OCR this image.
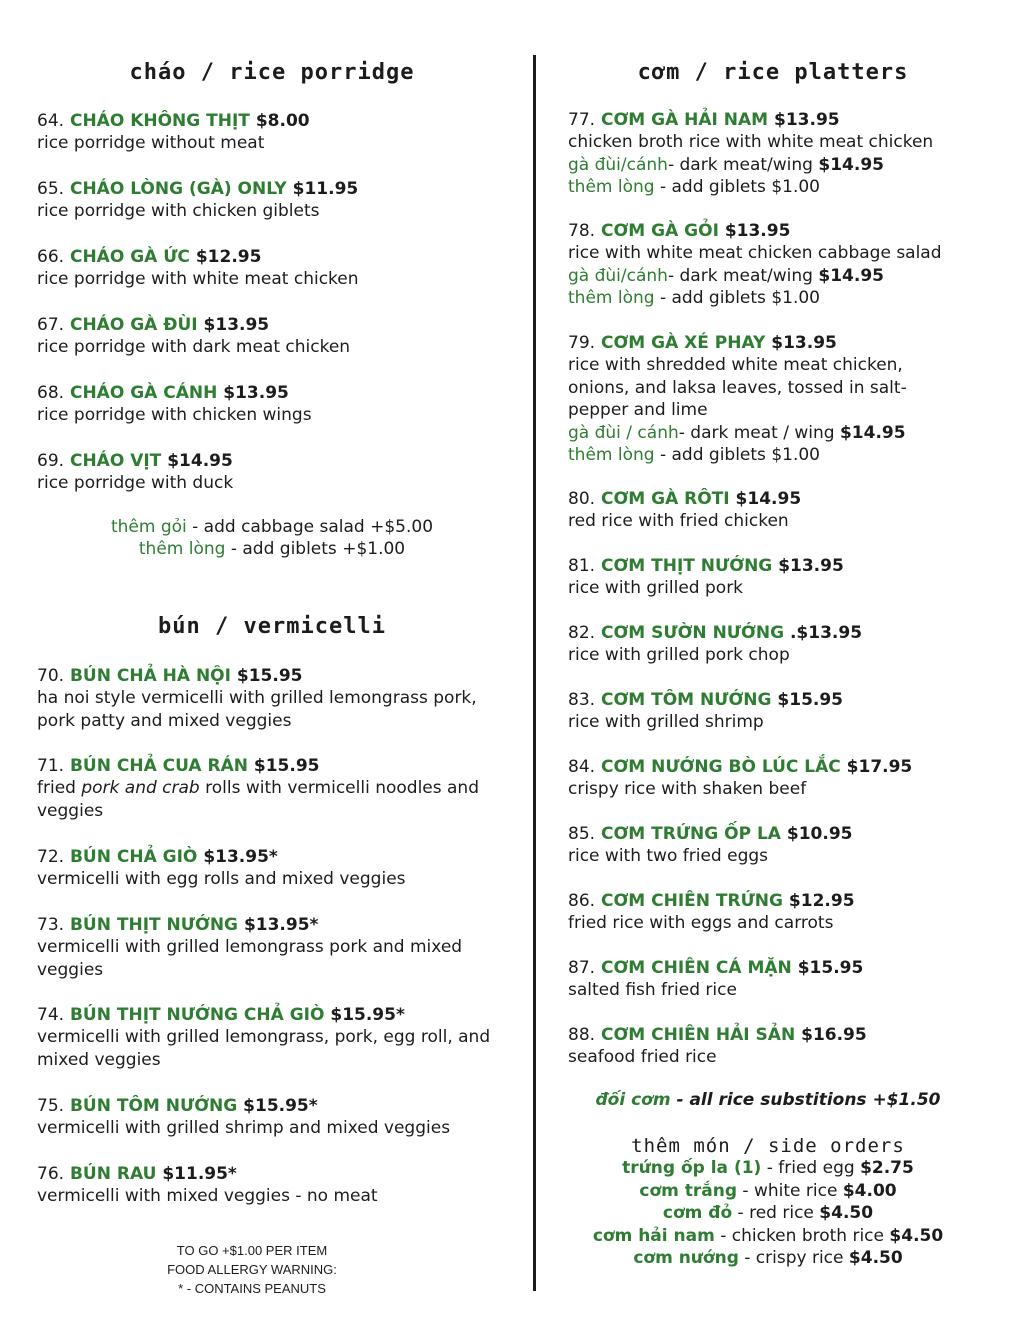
cháo / rice porridge
64. CHÁO KHÔNG THỊT $8.00
rice porridge without meat
65. CHÁO LÒNG (GÀ) ONLY $11.95
rice porridge with chicken giblets
66. CHÁO GÀ ỨC $12.95
rice porridge with white meat chicken
67. CHÁO GÀ ĐÙI $13.95
rice porridge with dark meat chicken
68. CHÁO GÀ CÁNH $13.95
rice porridge with chicken wings
69. CHÁO VỊT $14.95
rice porridge with duck
thêm gỏi - add cabbage salad +$5.00
thêm lòng - add giblets +$1.00
bún / vermicelli
70. BÚN CHẢ HÀ NỘI $15.95
ha noi style vermicelli with grilled lemongrass pork, pork patty and mixed veggies
71. BÚN CHẢ CUA RÁN $15.95
fried pork and crab rolls with vermicelli noodles and veggies
72. BÚN CHẢ GIÒ $13.95*
vermicelli with egg rolls and mixed veggies
73. BÚN THỊT NƯỚNG $13.95*
vermicelli with grilled lemongrass pork and mixed veggies
74. BÚN THỊT NƯỚNG CHẢ GIÒ $15.95*
vermicelli with grilled lemongrass, pork, egg roll, and mixed veggies
75. BÚN TÔM NƯỚNG $15.95*
vermicelli with grilled shrimp and mixed veggies
76. BÚN RAU $11.95*
vermicelli with mixed veggies - no meat
TO GO +$1.00 PER ITEM
FOOD ALLERGY WARNING:
* - CONTAINS PEANUTS
cơm / rice platters
77. CƠM GÀ HẢI NAM $13.95
chicken broth rice with white meat chicken
gà đùi/cánh- dark meat/wing $14.95
thêm lòng - add giblets $1.00
78. CƠM GÀ GỎI $13.95
rice with white meat chicken cabbage salad
gà đùi/cánh- dark meat/wing $14.95
thêm lòng - add giblets $1.00
79. CƠM GÀ XÉ PHAY $13.95
rice with shredded white meat chicken, onions, and laksa leaves, tossed in salt-pepper and lime
gà đùi / cánh- dark meat / wing $14.95
thêm lòng - add giblets $1.00
80. CƠM GÀ RÔTI $14.95
red rice with fried chicken
81. CƠM THỊT NƯỚNG $13.95
rice with grilled pork
82. CƠM SƯỜN NƯỚNG .$13.95
rice with grilled pork chop
83. CƠM TÔM NƯỚNG $15.95
rice with grilled shrimp
84. CƠM NƯỚNG BÒ LÚC LẮC $17.95
crispy rice with shaken beef
85. CƠM TRỨNG ỐP LA $10.95
rice with two fried eggs
86. CƠM CHIÊN TRỨNG $12.95
fried rice with eggs and carrots
87. CƠM CHIÊN CÁ MẶN $15.95
salted fish fried rice
88. CƠM CHIÊN HẢI SẢN $16.95
seafood fried rice
đối cơm - all rice substitions +$1.50
thêm món / side orders
trứng ốp la (1) - fried egg $2.75
cơm trắng - white rice $4.00
cơm đỏ - red rice $4.50
cơm hải nam - chicken broth rice $4.50
cơm nướng - crispy rice $4.50
